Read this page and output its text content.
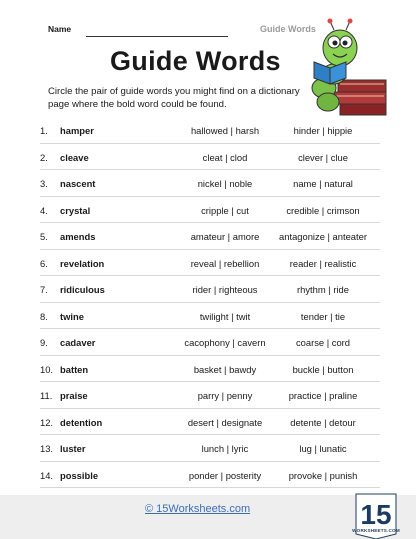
Name	Guide Words
Guide Words
Circle the pair of guide words you might find on a dictionary page where the bold word could be found.
1. hamper	hallowed | harsh	hinder | hippie
2. cleave	cleat | clod	clever | clue
3. nascent	nickel | noble	name | natural
4. crystal	cripple | cut	credible | crimson
5. amends	amateur | amore	antagonize | anteater
6. revelation	reveal | rebellion	reader | realistic
7. ridiculous	rider | righteous	rhythm | ride
8. twine	twilight | twit	tender | tie
9. cadaver	cacophony | cavern	coarse | cord
10. batten	basket | bawdy	buckle | button
11. praise	parry | penny	practice | praline
12. detention	desert | designate	detente | detour
13. luster	lunch | lyric	lug | lunatic
14. possible	ponder | posterity	provoke | punish
© 15Worksheets.com	15
WORKSHEETS.COM
